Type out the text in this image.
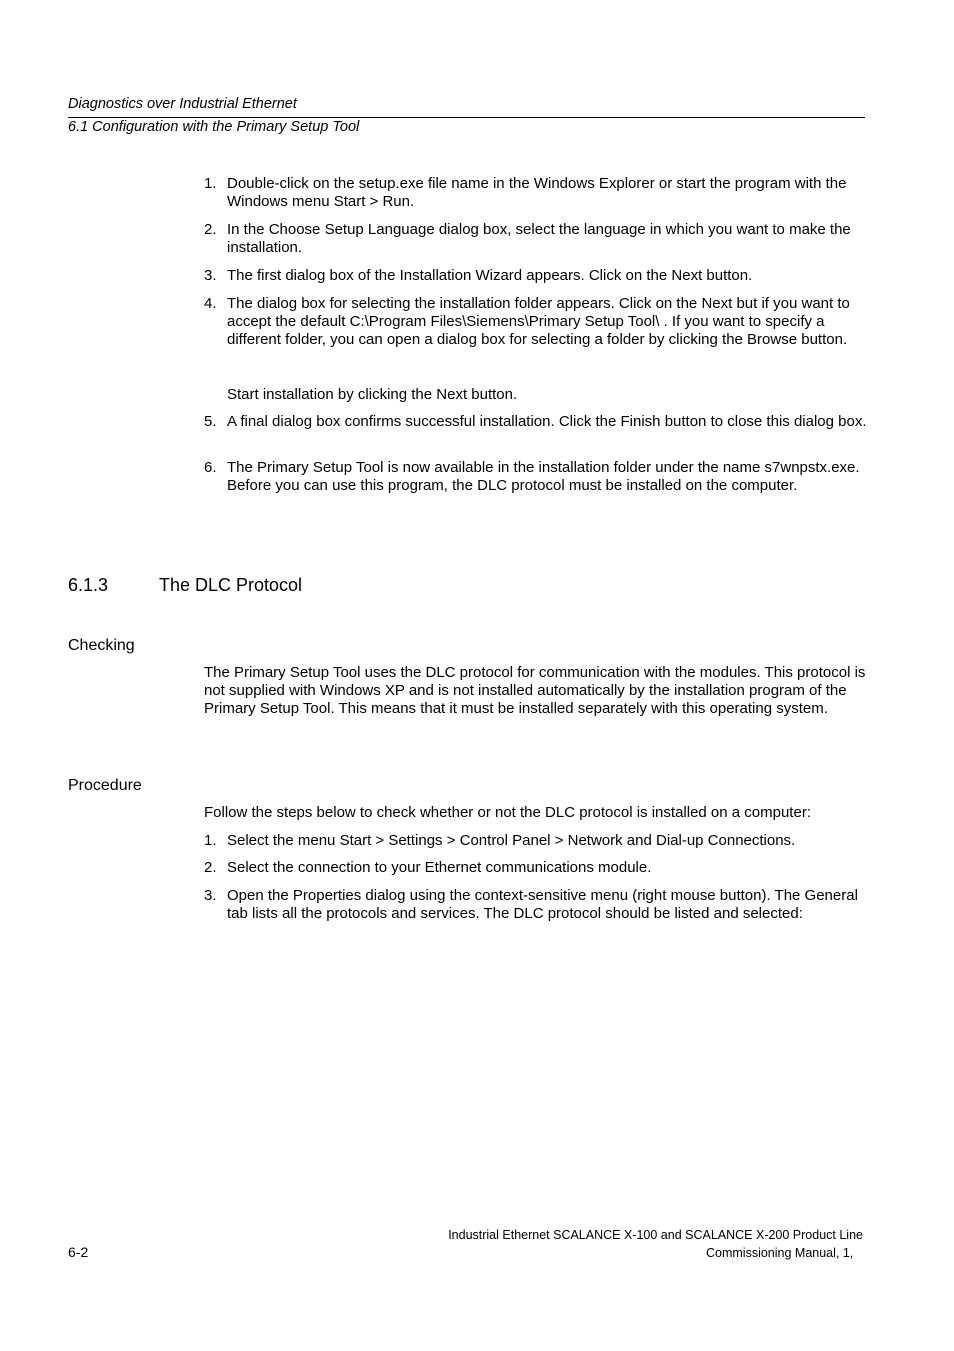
Diagnostics over Industrial Ethernet
6.1 Configuration with the Primary Setup Tool
1. Double-click on the setup.exe file name in the Windows Explorer or start the program with the Windows menu Start > Run.
2. In the Choose Setup Language dialog box, select the language in which you want to make the installation.
3. The first dialog box of the Installation Wizard appears. Click on the Next button.
4. The dialog box for selecting the installation folder appears. Click on the Next but if you want to accept the default C:\Program Files\Siemens\Primary Setup Tool\ . If you want to specify a different folder, you can open a dialog box for selecting a folder by clicking the Browse button.
Start installation by clicking the Next button.
5. A final dialog box confirms successful installation. Click the Finish button to close this dialog box.
6. The Primary Setup Tool is now available in the installation folder under the name s7wnpstx.exe. Before you can use this program, the DLC protocol must be installed on the computer.
6.1.3	The DLC Protocol
Checking
The Primary Setup Tool uses the DLC protocol for communication with the modules. This protocol is not supplied with Windows XP and is not installed automatically by the installation program of the Primary Setup Tool. This means that it must be installed separately with this operating system.
Procedure
Follow the steps below to check whether or not the DLC protocol is installed on a computer:
1. Select the menu Start > Settings > Control Panel > Network and Dial-up Connections.
2. Select the connection to your Ethernet communications module.
3. Open the Properties dialog using the context-sensitive menu (right mouse button). The General tab lists all the protocols and services. The DLC protocol should be listed and selected:
Industrial Ethernet SCALANCE X-100 and SCALANCE X-200 Product Line
6-2	Commissioning Manual, 1,
